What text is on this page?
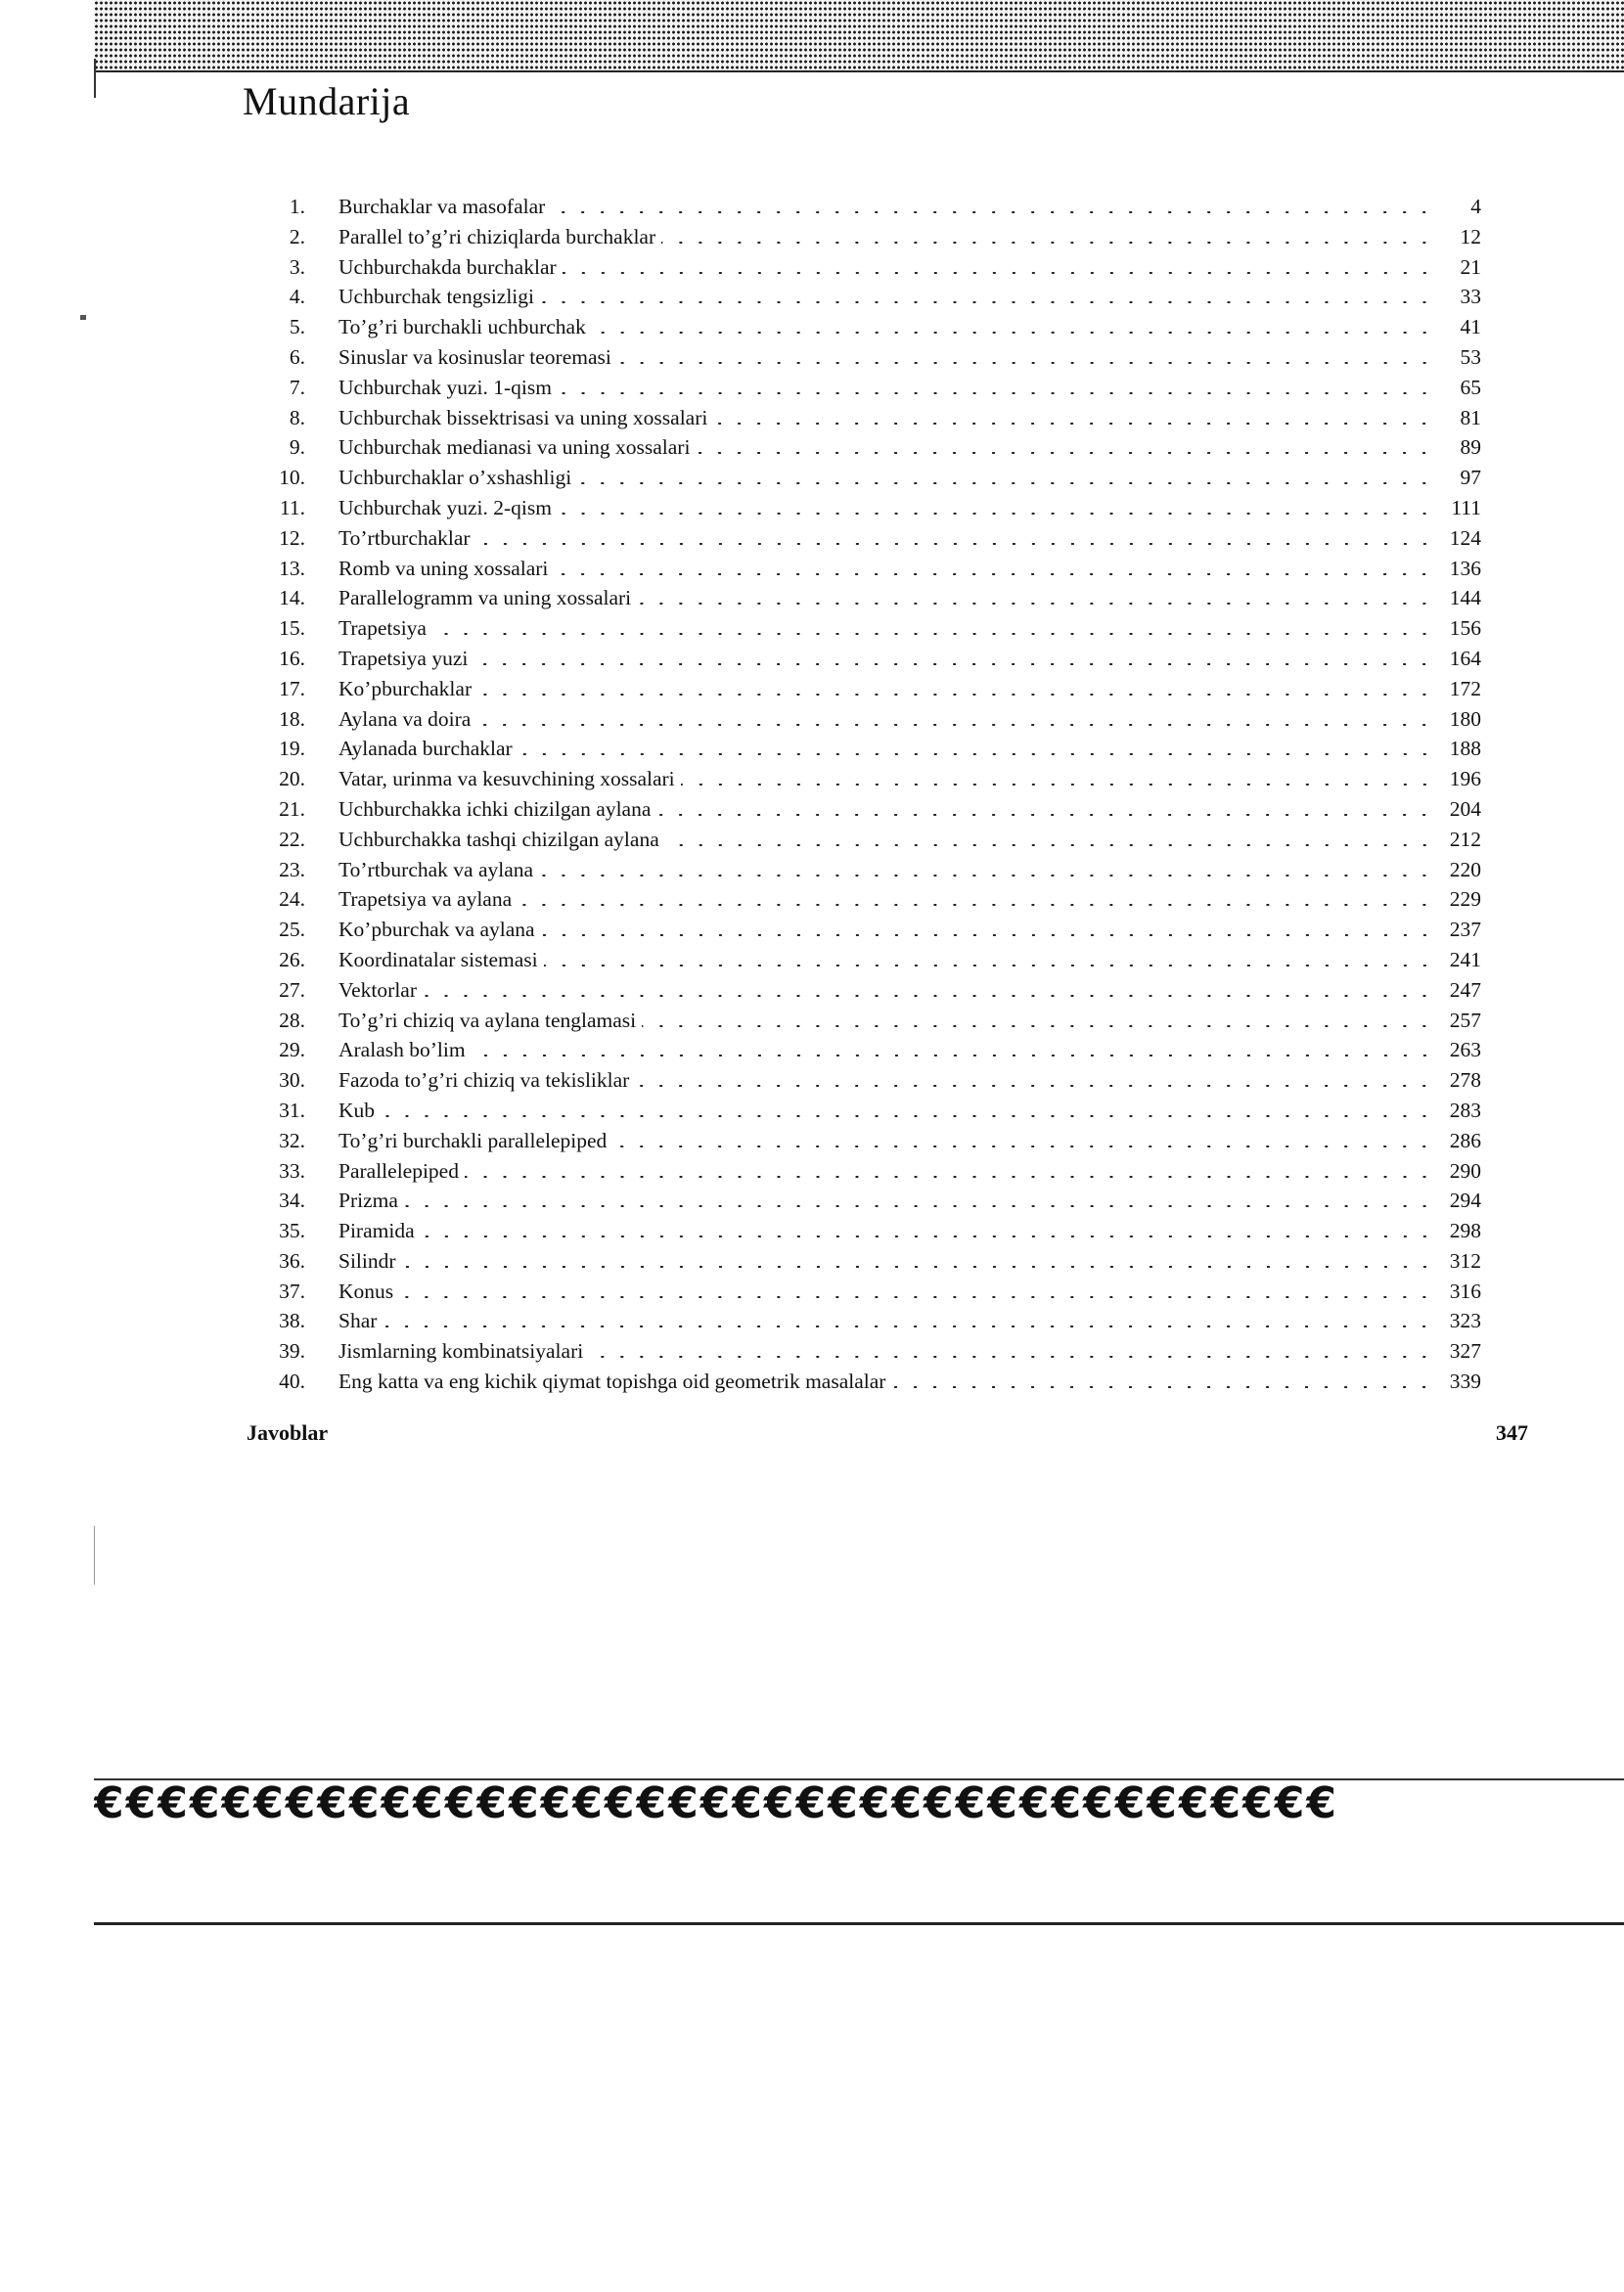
Mundarija
1. Burchaklar va masofalar	4
2. Parallel to’g’ri chiziqlarda burchaklar	12
3. Uchburchakda burchaklar	21
4. Uchburchak tengsizligi	33
5. To’g’ri burchakli uchburchak	41
6. Sinuslar va kosinuslar teoremasi	53
7. Uchburchak yuzi. 1-qism	65
8. Uchburchak bissektrisasi va uning xossalari	81
9. Uchburchak medianasi va uning xossalari	89
10. Uchburchaklar o’xshashligi	97
11. Uchburchak yuzi. 2-qism	111
12. To’rtburchaklar	124
13. Romb va uning xossalari	136
14. Parallelogramm va uning xossalari	144
15. Trapetsiya	156
16. Trapetsiya yuzi	164
17. Ko’pburchaklar	172
18. Aylana va doira	180
19. Aylanada burchaklar	188
20. Vatar, urinma va kesuvchining xossalari	196
21. Uchburchakka ichki chizilgan aylana	204
22. Uchburchakka tashqi chizilgan aylana	212
23. To’rtburchak va aylana	220
24. Trapetsiya va aylana	229
25. Ko’pburchak va aylana	237
26. Koordinatalar sistemasi	241
27. Vektorlar	247
28. To’g’ri chiziq va aylana tenglamasi	257
29. Aralash bo’lim	263
30. Fazoda to’g’ri chiziq va tekisliklar	278
31. Kub	283
32. To’g’ri burchakli parallelepiped	286
33. Parallelepiped	290
34. Prizma	294
35. Piramida	298
36. Silindr	312
37. Konus	316
38. Shar	323
39. Jismlarning kombinatsiyalari	327
40. Eng katta va eng kichik qiymat topishga oid geometrik masalalar	339
Javoblar	347
€€€€€€€€€€€€€€€€€€€€€€€€€€€€€€€€€€€€€€€
